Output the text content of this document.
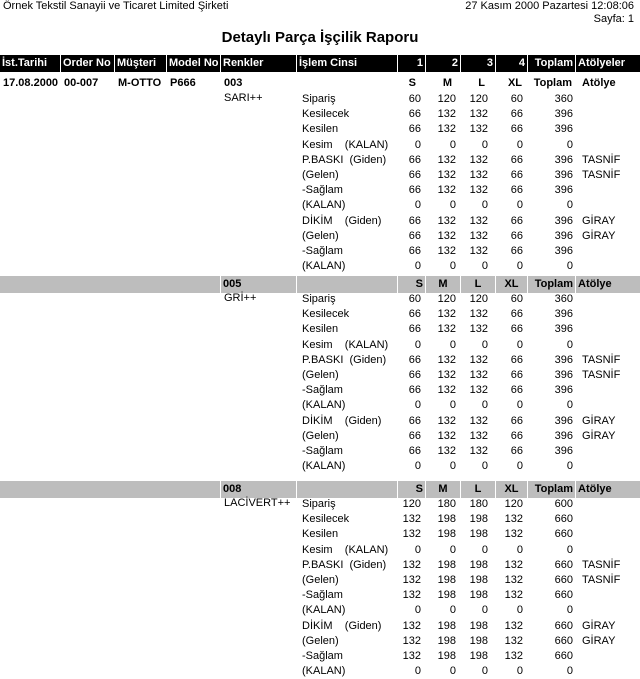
Örnek Tekstil Sanayii ve Ticaret Limited Şirketi	27 Kasım 2000 Pazartesi 12:08:06
Sayfa: 1
Detaylı Parça İşçilik Raporu
İst.Tarihi	Order No Müşteri	Model No Renkler	İşlem Cinsi	1	2	3	4 Toplam Atölyeler
17.08.2000 00-007 M-OTTO P666	003	S M L XL Toplam Atölye
SARI++	Sipariş	60 120 120 60	360
Kesilecek	66 132 132 66	396
Kesilen	66 132 132 66	396
Kesim    (KALAN) 0	0 0	0	0
P.BASKI  (Giden) 66 132 132 66	396 TASNİF
(Gelen)	66 132 132 66	396 TASNİF
-Sağlam	66 132 132 66	396
(KALAN)	0	0 0	0	0
DİKİM    (Giden) 66 132 132 66	396 GİRAY
(Gelen)	66 132 132 66	396 GİRAY
-Sağlam	66 132 132 66	396
(KALAN)	0	0 0	0	0
005	S	M	L	XL	Toplam Atölye
GRİ++	Sipariş	60 120 120 60	360
Kesilecek	66 132 132 66	396
Kesilen	66 132 132 66	396
Kesim    (KALAN) 0	0 0	0	0
P.BASKI  (Giden) 66 132 132 66	396 TASNİF
(Gelen)	66 132 132 66	396 TASNİF
-Sağlam	66 132 132 66	396
(KALAN)	0	0 0	0	0
DİKİM    (Giden) 66 132 132 66	396 GİRAY
(Gelen)	66 132 132 66	396 GİRAY
-Sağlam	66 132 132 66	396
(KALAN)	0	0 0	0	0
008	S	M	L	XL	Toplam Atölye
LACİVERT++ Sipariş	120 180 180 120	600
Kesilecek	132 198 198 132	660
Kesilen	132 198 198 132	660
Kesim    (KALAN) 0	0 0	0	0
P.BASKI  (Giden) 132 198 198 132	660 TASNİF
(Gelen)	132 198 198 132	660 TASNİF
-Sağlam	132 198 198 132	660
(KALAN)	0	0 0	0	0
DİKİM    (Giden) 132 198 198 132	660 GİRAY
(Gelen)	132 198 198 132	660 GİRAY
-Sağlam	132 198 198 132	660
(KALAN)	0	0 0	0	0
